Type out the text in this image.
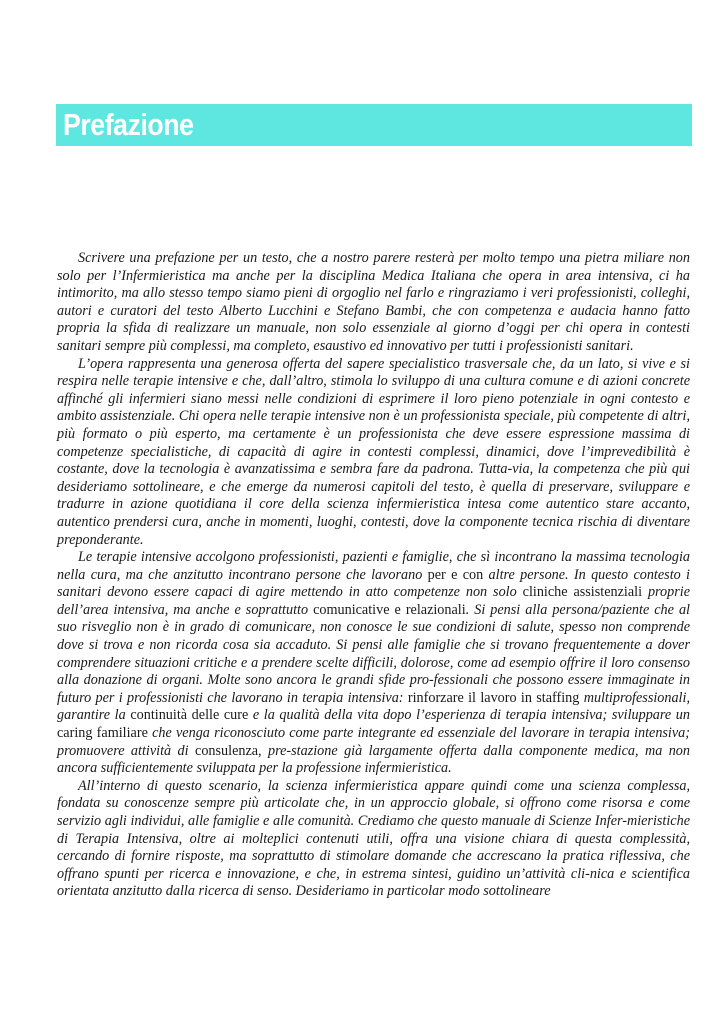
Prefazione

Scrivere una prefazione per un testo, che a nostro parere resterà per molto tempo una pietra miliare non solo per l’Infermieristica ma anche per la disciplina Medica Italiana che opera in area intensiva, ci ha intimorito, ma allo stesso tempo siamo pieni di orgoglio nel farlo e ringraziamo i veri professionisti, colleghi, autori e curatori del testo Alberto Lucchini e Stefano Bambi, che con competenza e audacia hanno fatto propria la sfida di realizzare un manuale, non solo essenziale al giorno d’oggi per chi opera in contesti sanitari sempre più complessi, ma completo, esaustivo ed innovativo per tutti i professionisti sanitari.

L’opera rappresenta una generosa offerta del sapere specialistico trasversale che, da un lato, si vive e si respira nelle terapie intensive e che, dall’altro, stimola lo sviluppo di una cultura comune e di azioni concrete affinché gli infermieri siano messi nelle condizioni di esprimere il loro pieno potenziale in ogni contesto e ambito assistenziale. Chi opera nelle terapie intensive non è un professionista speciale, più competente di altri, più formato o più esperto, ma certamente è un professionista che deve essere espressione massima di competenze specialistiche, di capacità di agire in contesti complessi, dinamici, dove l’imprevedibilità è costante, dove la tecnologia è avanzatissima e sembra fare da padrona. Tutta-via, la competenza che più qui desideriamo sottolineare, e che emerge da numerosi capitoli del testo, è quella di preservare, sviluppare e tradurre in azione quotidiana il core della scienza infermieristica intesa come autentico stare accanto, autentico prendersi cura, anche in momenti, luoghi, contesti, dove la componente tecnica rischia di diventare preponderante.

Le terapie intensive accolgono professionisti, pazienti e famiglie, che sì incontrano la massima tecnologia nella cura, ma che anzitutto incontrano persone che lavorano per e con altre persone. In questo contesto i sanitari devono essere capaci di agire mettendo in atto competenze non solo cliniche assistenziali proprie dell’area intensiva, ma anche e soprattutto comunicative e relazionali. Si pensi alla persona/paziente che al suo risveglio non è in grado di comunicare, non conosce le sue condizioni di salute, spesso non comprende dove si trova e non ricorda cosa sia accaduto. Si pensi alle famiglie che si trovano frequentemente a dover comprendere situazioni critiche e a prendere scelte difficili, dolorose, come ad esempio offrire il loro consenso alla donazione di organi. Molte sono ancora le grandi sfide pro-fessionali che possono essere immaginate in futuro per i professionisti che lavorano in terapia intensiva: rinforzare il lavoro in staffing multiprofessionali, garantire la continuità delle cure e la qualità della vita dopo l’esperienza di terapia intensiva; sviluppare un caring familiare che venga riconosciuto come parte integrante ed essenziale del lavorare in terapia intensiva; promuovere attività di consulenza, pre-stazione già largamente offerta dalla componente medica, ma non ancora sufficientemente sviluppata per la professione infermieristica.

All’interno di questo scenario, la scienza infermieristica appare quindi come una scienza complessa, fondata su conoscenze sempre più articolate che, in un approccio globale, si offrono come risorsa e come servizio agli individui, alle famiglie e alle comunità. Crediamo che questo manuale di Scienze Infer-mieristiche di Terapia Intensiva, oltre ai molteplici contenuti utili, offra una visione chiara di questa complessità, cercando di fornire risposte, ma soprattutto di stimolare domande che accrescano la pratica riflessiva, che offrano spunti per ricerca e innovazione, e che, in estrema sintesi, guidino un’attività cli-nica e scientifica orientata anzitutto dalla ricerca di senso. Desideriamo in particolar modo sottolineare
